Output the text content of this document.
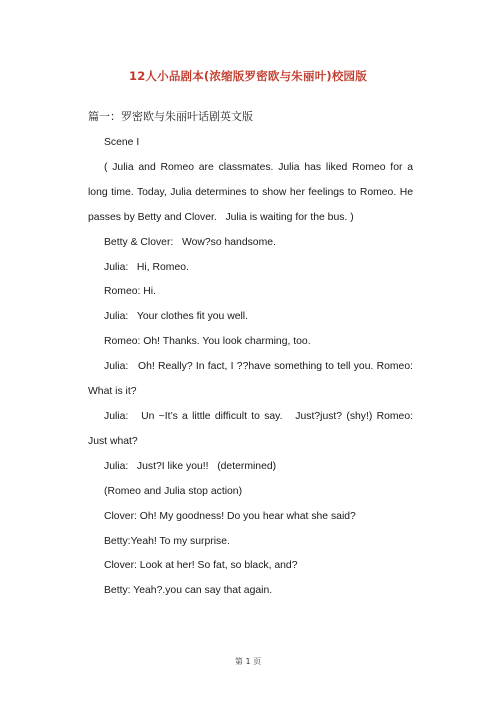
12人小品剧本(浓缩版罗密欧与朱丽叶)校园版
篇一：罗密欧与朱丽叶话剧英文版

Scene I

( Julia and Romeo are classmates. Julia has liked Romeo for a long time. Today, Julia determines to show her feelings to Romeo. He passes by Betty and Clover.   Julia is waiting for the bus. )

Betty & Clover:   Wow?so handsome.

Julia:   Hi, Romeo.

Romeo: Hi.

Julia:   Your clothes fit you well.

Romeo: Oh! Thanks. You look charming, too.

Julia:   Oh! Really? In fact, I ??have something to tell you. Romeo: What is it?

Julia:   Un ~It’s a little difficult to say.   Just?just? (shy!) Romeo: Just what?

Julia:   Just?I like you!!   (determined)

(Romeo and Julia stop action)

Clover: Oh! My goodness! Do you hear what she said?

Betty:Yeah! To my surprise.

Clover: Look at her! So fat, so black, and?

Betty: Yeah?.you can say that again.

第 1 页
